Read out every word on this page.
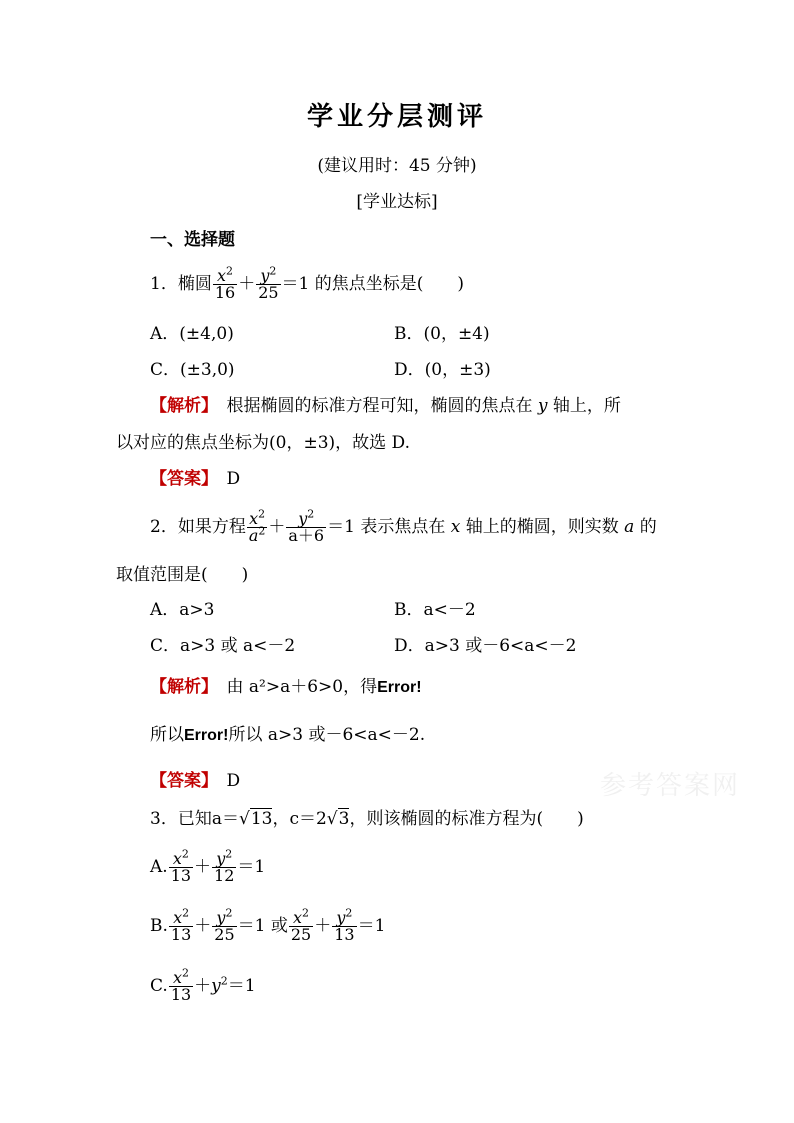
学业分层测评
(建议用时：45 分钟)
[学业达标]
一、选择题
1．椭圆 $\frac{x^2}{16} + \frac{y^2}{25} =1$ 的焦点坐标是(　　)
A．(±4,0)	B．(0，±4)
C．(±3,0)	D．(0，±3)
【解析】　 根据椭圆的标准方程可知，椭圆的焦点在 y 轴上，所
以对应的焦点坐标为(0，±3)，故选 D.
【答案】　 D
2．如果方程 $\frac{x^2}{a^2} + \frac{y^2}{a+6} =1$ 表示焦点在 x 轴上的椭圆，则实数 a 的
取值范围是(　　)
A．a>3	B．a<－2
C．a>3 或 a<－2	D．a>3 或－6<a<－2
【解析】　 由 a²>a＋6>0，得Error!
所以Error!所以 a>3 或－6<a<－2.
【答案】　 D
3．已知a＝√13，c＝2√3，则该椭圆的标准方程为(　　)
A. $\frac{x^2}{13} + \frac{y^2}{12} =1$
B. $\frac{x^2}{13} + \frac{y^2}{25} =1$ 或 $\frac{x^2}{25} + \frac{y^2}{13} =1$
C. $\frac{x^2}{13} +y^2=1$
参考答案网
